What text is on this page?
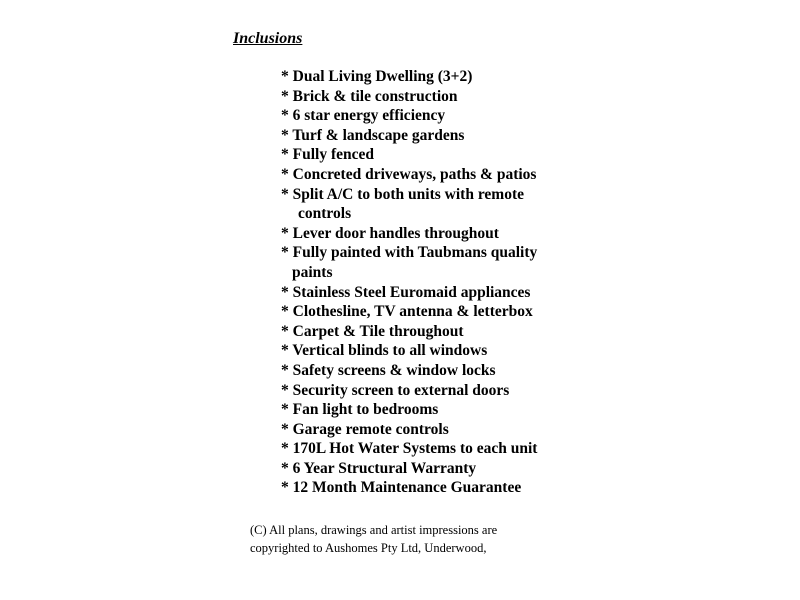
Inclusions
* Dual Living Dwelling (3+2)
* Brick & tile construction
* 6 star energy efficiency
* Turf & landscape gardens
* Fully fenced
* Concreted driveways, paths & patios
* Split A/C to both units with remote
controls
* Lever door handles throughout
* Fully painted with Taubmans quality
paints
* Stainless Steel Euromaid appliances
* Clothesline, TV antenna & letterbox
* Carpet & Tile throughout
* Vertical blinds to all windows
* Safety screens & window locks
* Security screen to external doors
* Fan light to bedrooms
* Garage remote controls
* 170L Hot Water Systems to each unit
* 6 Year Structural Warranty
* 12 Month Maintenance Guarantee
(C) All plans, drawings and artist impressions are
copyrighted to Aushomes Pty Ltd, Underwood,
